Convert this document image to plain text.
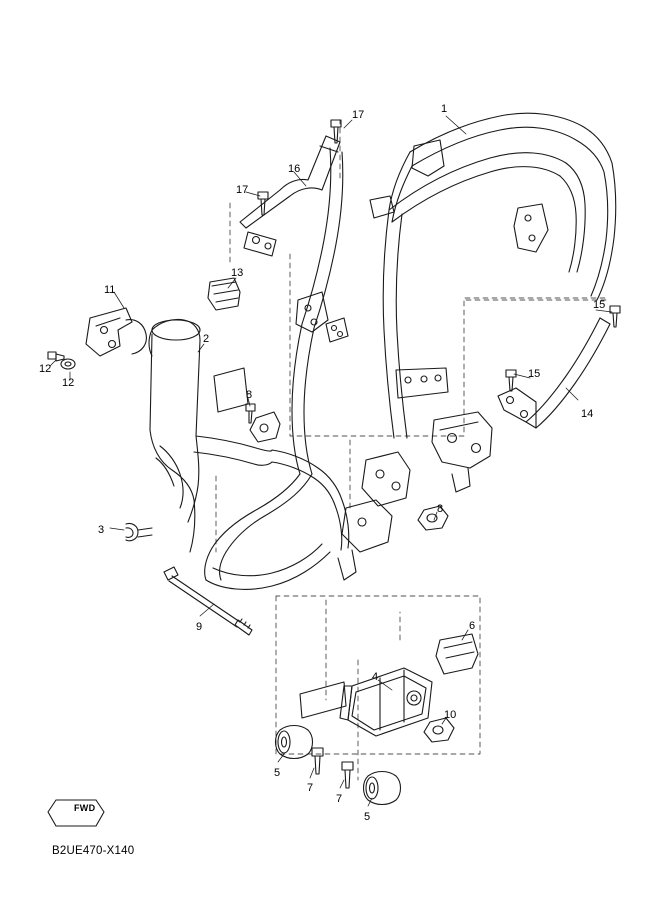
1
17
16
17
15
11
13
2
12
12
15
14
8
8
3
9	6
4
10
5
7
7
5
FWD
B2UE470-X140
